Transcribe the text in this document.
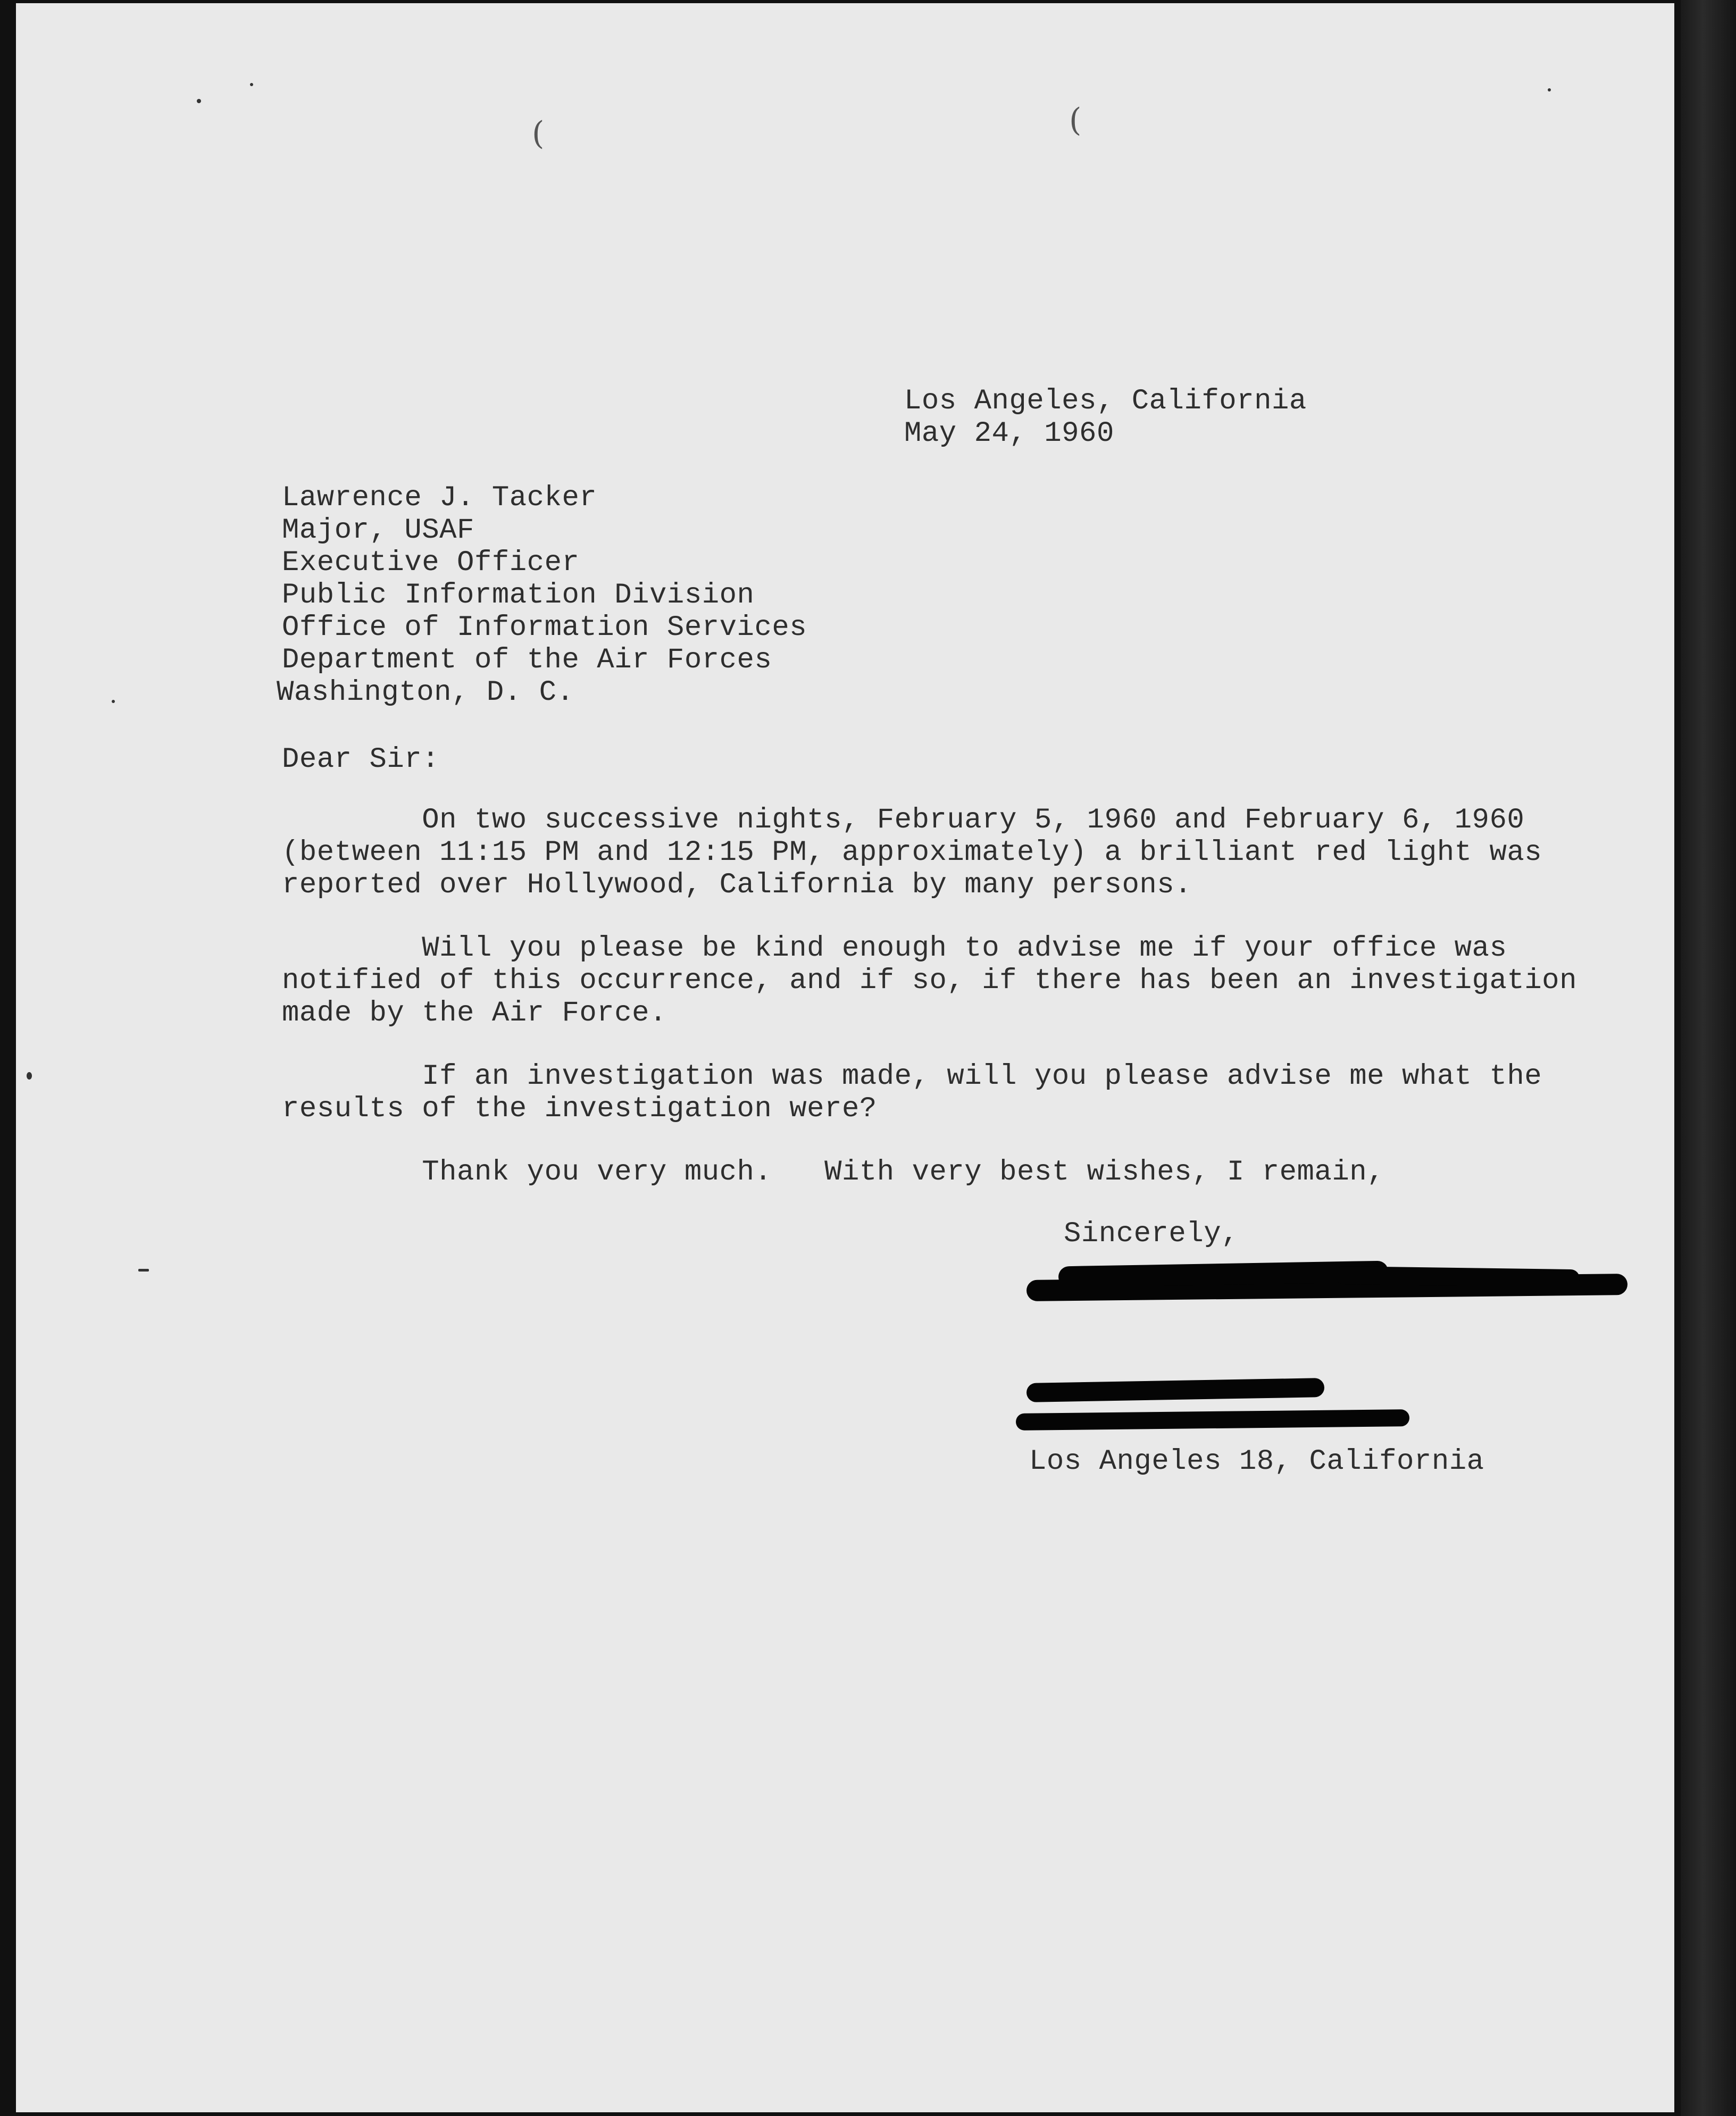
(	(

Los Angeles, California

May 24, 1960

Lawrence J. Tacker

Major, USAF

Executive Officer

Public Information Division

Office of Information Services

Department of the Air Forces

Washington, D. C.

Dear Sir:

On two successive nights, February 5, 1960 and February 6, 1960

(between 11:15 PM and 12:15 PM, approximately) a brilliant red light was

reported over Hollywood, California by many persons.

Will you please be kind enough to advise me if your office was

notified of this occurrence, and if so, if there has been an investigation

made by the Air Force.

If an investigation was made, will you please advise me what the

results of the investigation were?

Thank you very much.   With very best wishes, I remain,

Sincerely,

Los Angeles 18, California
